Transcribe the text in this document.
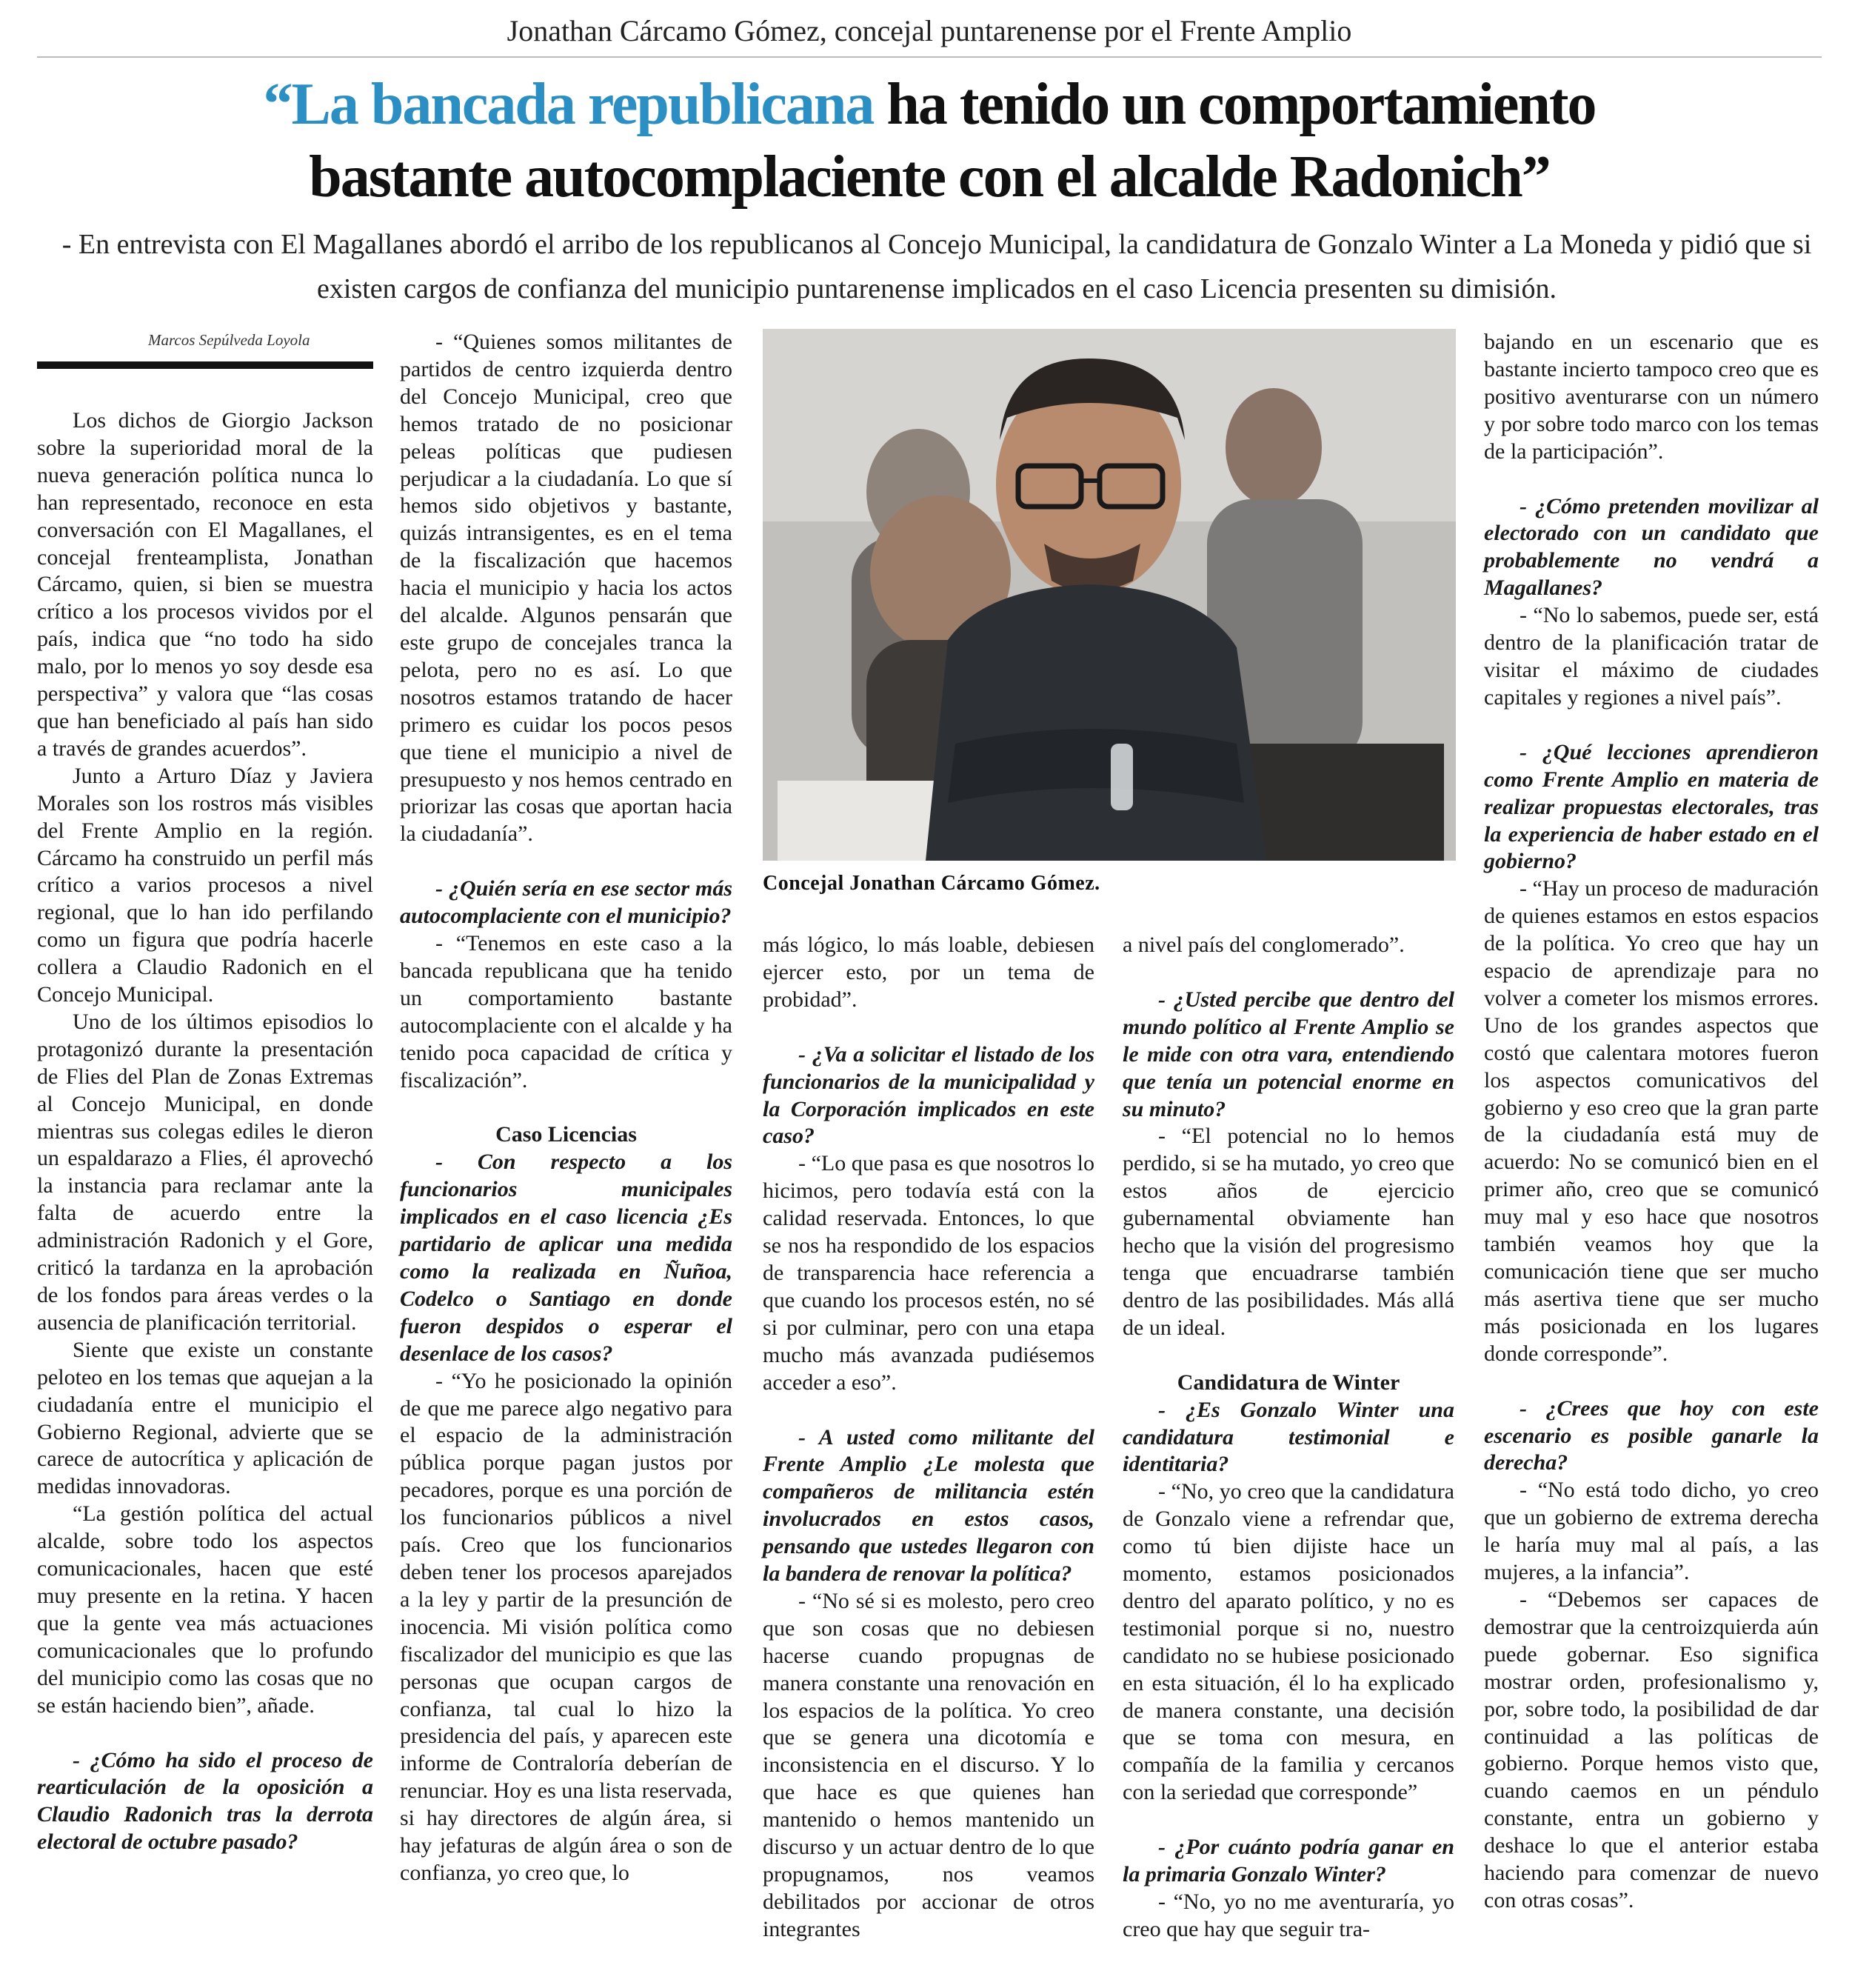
Jonathan Cárcamo Gómez, concejal puntarenense por el Frente Amplio
“La bancada republicana ha tenido un comportamiento
bastante autocomplaciente con el alcalde Radonich”
- En entrevista con El Magallanes abordó el arribo de los republicanos al Concejo Municipal, la candidatura de Gonzalo Winter a La Moneda y pidió que si existen cargos de confianza del municipio puntarenense implicados en el caso Licencia presenten su dimisión.
Marcos Sepúlveda Loyola

Los dichos de Giorgio Jackson sobre la superioridad moral de la nueva generación política nunca lo han representado, reconoce en esta conversación con El Magallanes, el concejal frenteamplista, Jonathan Cárcamo, quien, si bien se muestra crítico a los procesos vividos por el país, indica que “no todo ha sido malo, por lo menos yo soy desde esa perspectiva” y valora que “las cosas que han beneficiado al país han sido a través de grandes acuerdos”.

Junto a Arturo Díaz y Javiera Morales son los rostros más visibles del Frente Amplio en la región. Cárcamo ha construido un perfil más crítico a varios procesos a nivel regional, que lo han ido perfilando como un figura que podría hacerle collera a Claudio Radonich en el Concejo Municipal.

Uno de los últimos episodios lo protagonizó durante la presentación de Flies del Plan de Zonas Extremas al Concejo Municipal, en donde mientras sus colegas ediles le dieron un espaldarazo a Flies, él aprovechó la instancia para reclamar ante la falta de acuerdo entre la administración Radonich y el Gore, criticó la tardanza en la aprobación de los fondos para áreas verdes o la ausencia de planificación territorial.

Siente que existe un constante peloteo en los temas que aquejan a la ciudadanía entre el municipio el Gobierno Regional, advierte que se carece de autocrítica y aplicación de medidas innovadoras.

“La gestión política del actual alcalde, sobre todo los aspectos comunicacionales, hacen que esté muy presente en la retina. Y hacen que la gente vea más actuaciones comunicacionales que lo profundo del municipio como las cosas que no se están haciendo bien”, añade.

- ¿Cómo ha sido el proceso de rearticulación de la oposición a Claudio Radonich tras la derrota electoral de octubre pasado?

- “Quienes somos militantes de partidos de centro izquierda dentro del Concejo Municipal, creo que hemos tratado de no posicionar peleas políticas que pudiesen perjudicar a la ciudadanía. Lo que sí hemos sido objetivos y bastante, quizás intransigentes, es en el tema de la fiscalización que hacemos hacia el municipio y hacia los actos del alcalde. Algunos pensarán que este grupo de concejales tranca la pelota, pero no es así. Lo que nosotros estamos tratando de hacer primero es cuidar los pocos pesos que tiene el municipio a nivel de presupuesto y nos hemos centrado en priorizar las cosas que aportan hacia la ciudadanía”.

- ¿Quién sería en ese sector más autocomplaciente con el municipio?

- “Tenemos en este caso a la bancada republicana que ha tenido un comportamiento bastante autocomplaciente con el alcalde y ha tenido poca capacidad de crítica y fiscalización”.

Caso Licencias

- Con respecto a los funcionarios municipales implicados en el caso licencia ¿Es partidario de aplicar una medida como la realizada en Ñuñoa, Codelco o Santiago en donde fueron despidos o esperar el desenlace de los casos?

- “Yo he posicionado la opinión de que me parece algo negativo para el espacio de la administración pública porque pagan justos por pecadores, porque es una porción de los funcionarios públicos a nivel país. Creo que los funcionarios deben tener los procesos aparejados a la ley y partir de la presunción de inocencia. Mi visión política como fiscalizador del municipio es que las personas que ocupan cargos de confianza, tal cual lo hizo la presidencia del país, y aparecen este informe de Contraloría deberían de renunciar. Hoy es una lista reservada, si hay directores de algún área, si hay jefaturas de algún área o son de confianza, yo creo que, lo

Concejal Jonathan Cárcamo Gómez.

más lógico, lo más loable, debiesen ejercer esto, por un tema de probidad”.

- ¿Va a solicitar el listado de los funcionarios de la municipalidad y la Corporación implicados en este caso?

- “Lo que pasa es que nosotros lo hicimos, pero todavía está con la calidad reservada. Entonces, lo que se nos ha respondido de los espacios de transparencia hace referencia a que cuando los procesos estén, no sé si por culminar, pero con una etapa mucho más avanzada pudiésemos acceder a eso”.

- A usted como militante del Frente Amplio ¿Le molesta que compañeros de militancia estén involucrados en estos casos, pensando que ustedes llegaron con la bandera de renovar la política?

- “No sé si es molesto, pero creo que son cosas que no debiesen hacerse cuando propugnas de manera constante una renovación en los espacios de la política. Yo creo que se genera una dicotomía e inconsistencia en el discurso. Y lo que hace es que quienes han mantenido o hemos mantenido un discurso y un actuar dentro de lo que propugnamos, nos veamos debilitados por accionar de otros integrantes

a nivel país del conglomerado”.

- ¿Usted percibe que dentro del mundo político al Frente Amplio se le mide con otra vara, entendiendo que tenía un potencial enorme en su minuto?

- “El potencial no lo hemos perdido, si se ha mutado, yo creo que estos años de ejercicio gubernamental obviamente han hecho que la visión del progresismo tenga que encuadrarse también dentro de las posibilidades. Más allá de un ideal.

Candidatura de Winter

- ¿Es Gonzalo Winter una candidatura testimonial e identitaria?

- “No, yo creo que la candidatura de Gonzalo viene a refrendar que, como tú bien dijiste hace un momento, estamos posicionados dentro del aparato político, y no es testimonial porque si no, nuestro candidato no se hubiese posicionado en esta situación, él lo ha explicado de manera constante, una decisión que se toma con mesura, en compañía de la familia y cercanos con la seriedad que corresponde”

- ¿Por cuánto podría ganar en la primaria Gonzalo Winter?

- “No, yo no me aventuraría, yo creo que hay que seguir tra-

bajando en un escenario que es bastante incierto tampoco creo que es positivo aventurarse con un número y por sobre todo marco con los temas de la participación”.

- ¿Cómo pretenden movilizar al electorado con un candidato que probablemente no vendrá a Magallanes?

- “No lo sabemos, puede ser, está dentro de la planificación tratar de visitar el máximo de ciudades capitales y regiones a nivel país”.

- ¿Qué lecciones aprendieron como Frente Amplio en materia de realizar propuestas electorales, tras la experiencia de haber estado en el gobierno?

- “Hay un proceso de maduración de quienes estamos en estos espacios de la política. Yo creo que hay un espacio de aprendizaje para no volver a cometer los mismos errores. Uno de los grandes aspectos que costó que calentara motores fueron los aspectos comunicativos del gobierno y eso creo que la gran parte de la ciudadanía está muy de acuerdo: No se comunicó bien en el primer año, creo que se comunicó muy mal y eso hace que nosotros también veamos hoy que la comunicación tiene que ser mucho más asertiva tiene que ser mucho más posicionada en los lugares donde corresponde”.

- ¿Crees que hoy con este escenario es posible ganarle la derecha?

- “No está todo dicho, yo creo que un gobierno de extrema derecha le haría muy mal al país, a las mujeres, a la infancia”.

- “Debemos ser capaces de demostrar que la centroizquierda aún puede gobernar. Eso significa mostrar orden, profesionalismo y, por, sobre todo, la posibilidad de dar continuidad a las políticas de gobierno. Porque hemos visto que, cuando caemos en un péndulo constante, entra un gobierno y deshace lo que el anterior estaba haciendo para comenzar de nuevo con otras cosas”.
